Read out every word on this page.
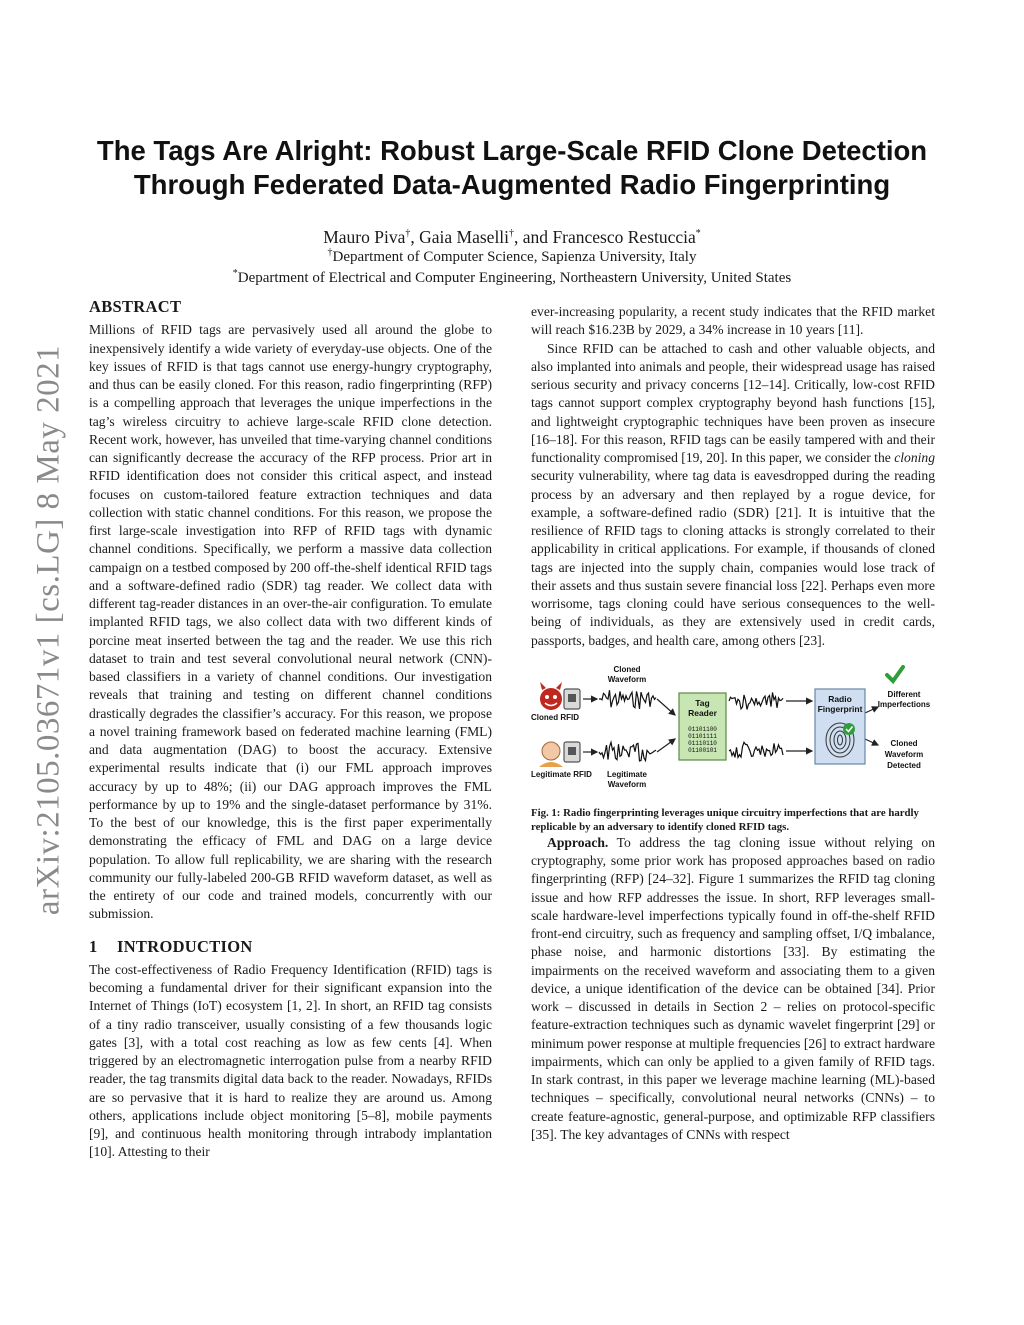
arXiv:2105.03671v1 [cs.LG] 8 May 2021
The Tags Are Alright: Robust Large-Scale RFID Clone Detection
Through Federated Data-Augmented Radio Fingerprinting
Mauro Piva†, Gaia Maselli†, and Francesco Restuccia*
†Department of Computer Science, Sapienza University, Italy
*Department of Electrical and Computer Engineering, Northeastern University, United States
ABSTRACT

Millions of RFID tags are pervasively used all around the globe to inexpensively identify a wide variety of everyday-use objects. One of the key issues of RFID is that tags cannot use energy-hungry cryptography, and thus can be easily cloned. For this reason, radio fingerprinting (RFP) is a compelling approach that leverages the unique imperfections in the tag’s wireless circuitry to achieve large-scale RFID clone detection. Recent work, however, has unveiled that time-varying channel conditions can significantly decrease the accuracy of the RFP process. Prior art in RFID identification does not consider this critical aspect, and instead focuses on custom-tailored feature extraction techniques and data collection with static channel conditions. For this reason, we propose the first large-scale investigation into RFP of RFID tags with dynamic channel conditions. Specifically, we perform a massive data collection campaign on a testbed composed by 200 off-the-shelf identical RFID tags and a software-defined radio (SDR) tag reader. We collect data with different tag-reader distances in an over-the-air configuration. To emulate implanted RFID tags, we also collect data with two different kinds of porcine meat inserted between the tag and the reader. We use this rich dataset to train and test several convolutional neural network (CNN)-based classifiers in a variety of channel conditions. Our investigation reveals that training and testing on different channel conditions drastically degrades the classifier’s accuracy. For this reason, we propose a novel training framework based on federated machine learning (FML) and data augmentation (DAG) to boost the accuracy. Extensive experimental results indicate that (i) our FML approach improves accuracy by up to 48%; (ii) our DAG approach improves the FML performance by up to 19% and the single-dataset performance by 31%. To the best of our knowledge, this is the first paper experimentally demonstrating the efficacy of FML and DAG on a large device population. To allow full replicability, we are sharing with the research community our fully-labeled 200-GB RFID waveform dataset, as well as the entirety of our code and trained models, concurrently with our submission.

1 INTRODUCTION

The cost-effectiveness of Radio Frequency Identification (RFID) tags is becoming a fundamental driver for their significant expansion into the Internet of Things (IoT) ecosystem [1, 2]. In short, an RFID tag consists of a tiny radio transceiver, usually consisting of a few thousands logic gates [3], with a total cost reaching as low as few cents [4]. When triggered by an electromagnetic interrogation pulse from a nearby RFID reader, the tag transmits digital data back to the reader. Nowadays, RFIDs are so pervasive that it is hard to realize they are around us. Among others, applications include object monitoring [5–8], mobile payments [9], and continuous health monitoring through intrabody implantation [10]. Attesting to their

ever-increasing popularity, a recent study indicates that the RFID market will reach $16.23B by 2029, a 34% increase in 10 years [11].

Since RFID can be attached to cash and other valuable objects, and also implanted into animals and people, their widespread usage has raised serious security and privacy concerns [12–14]. Critically, low-cost RFID tags cannot support complex cryptography beyond hash functions [15], and lightweight cryptographic techniques have been proven as insecure [16–18]. For this reason, RFID tags can be easily tampered with and their functionality compromised [19, 20]. In this paper, we consider the cloning security vulnerability, where tag data is eavesdropped during the reading process by an adversary and then replayed by a rogue device, for example, a software-defined radio (SDR) [21]. It is intuitive that the resilience of RFID tags to cloning attacks is strongly correlated to their applicability in critical applications. For example, if thousands of cloned tags are injected into the supply chain, companies would lose track of their assets and thus sustain severe financial loss [22]. Perhaps even more worrisome, tags cloning could have serious consequences to the well-being of individuals, as they are extensively used in credit cards, passports, badges, and health care, among others [23].

Cloned RFID
Legitimate RFID
Cloned
Waveform
Legitimate
Waveform
Tag
Reader
01101100
01101111
01110110
01100101
Radio
Fingerprint
Different
Imperfections
Cloned
Waveform
Detected

Fig. 1: Radio fingerprinting leverages unique circuitry imperfections that are hardly replicable by an adversary to identify cloned RFID tags.

Approach. To address the tag cloning issue without relying on cryptography, some prior work has proposed approaches based on radio fingerprinting (RFP) [24–32]. Figure 1 summarizes the RFID tag cloning issue and how RFP addresses the issue. In short, RFP leverages small-scale hardware-level imperfections typically found in off-the-shelf RFID front-end circuitry, such as frequency and sampling offset, I/Q imbalance, phase noise, and harmonic distortions [33]. By estimating the impairments on the received waveform and associating them to a given device, a unique identification of the device can be obtained [34]. Prior work – discussed in details in Section 2 – relies on protocol-specific feature-extraction techniques such as dynamic wavelet fingerprint [29] or minimum power response at multiple frequencies [26] to extract hardware impairments, which can only be applied to a given family of RFID tags. In stark contrast, in this paper we leverage machine learning (ML)-based techniques – specifically, convolutional neural networks (CNNs) – to create feature-agnostic, general-purpose, and optimizable RFP classifiers [35]. The key advantages of CNNs with respect
